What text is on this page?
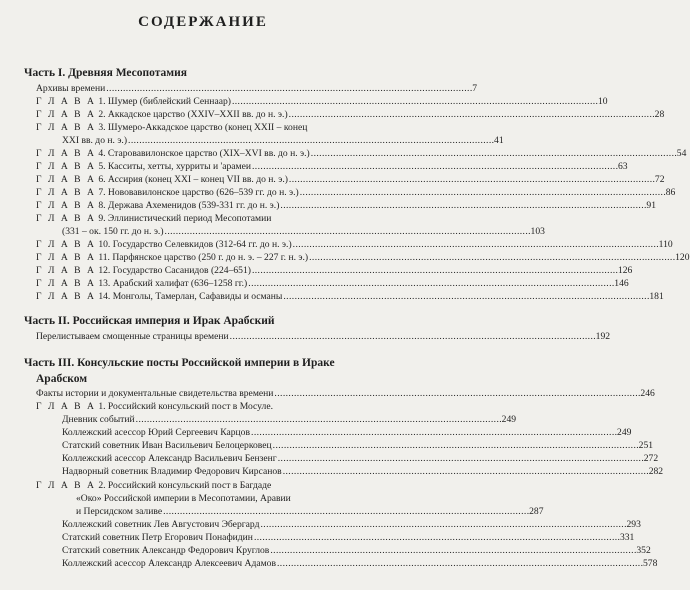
СОДЕРЖАНИЕ
Часть I. Древняя Месопотамия
Архивы времени . . .	7
Г Л А В А 1. Шумер (библейский Сеннаар) . . .	10
Г Л А В А 2. Аккадское царство (XXIV–XXII вв. до н. э.) . . .	28
Г Л А В А 3. Шумеро-Аккадское царство (конец XXII – конец
XXI вв. до н. э.) . . .	41
Г Л А В А 4. Старовавилонское царство (XIX–XVI вв. до н. э.) . . .	54
Г Л А В А 5. Касситы, хетты, хурриты и 'арамеи . . .	63
Г Л А В А 6. Ассирия (конец XXI – конец VII вв. до н. э.) . . .	72
Г Л А В А 7. Нововавилонское царство (626–539 гг. до н. э.) . . .	86
Г Л А В А 8. Держава Ахеменидов (539-331 гг. до н. э.) . . .	91
Г Л А В А 9. Эллинистический период Месопотамии
(331 – ок. 150 гг. до н. э.) . . .	103
Г Л А В А 10. Государство Селевкидов (312-64 гг. до н. э.) . . .	110
Г Л А В А 11. Парфянское царство (250 г. до н. э. – 227 г. н. э.) . . .	120
Г Л А В А 12. Государство Сасанидов (224–651) . . .	126
Г Л А В А 13. Арабский халифат (636–1258 гг.) . . .	146
Г Л А В А 14. Монголы, Тамерлан, Сафавиды и османы . . .	181
Часть II. Российская империя и Ирак Арабский
Перелистываем смощенные страницы времени . . .	192
Часть III. Консульские посты Российской империи в Ираке
Арабском
Факты истории и документальные свидетельства времени . . .	246
Г Л А В А 1. Российский консульский пост в Мосуле.
Дневник событий . . .	249
Коллежский асессор Юрий Сергеевич Карцов . . .	249
Статский советник Иван Васильевич Белоцерковец . . .	251
Коллежский асессор Александр Васильевич Бензенг . . .	272
Надворный советник Владимир Федорович Кирсанов . . .	282
Г Л А В А 2. Российский консульский пост в Багдаде
«Око» Российской империи в Месопотамии, Аравии
и Персидском заливе . . .	287
Коллежский советник Лев Августович Эбергард . . .	293
Статский советник Петр Егорович Понафидин . . .	331
Статский советник Александр Федорович Круглов . . .	352
Коллежский асессор Александр Алексеевич Адамов . . .	578
